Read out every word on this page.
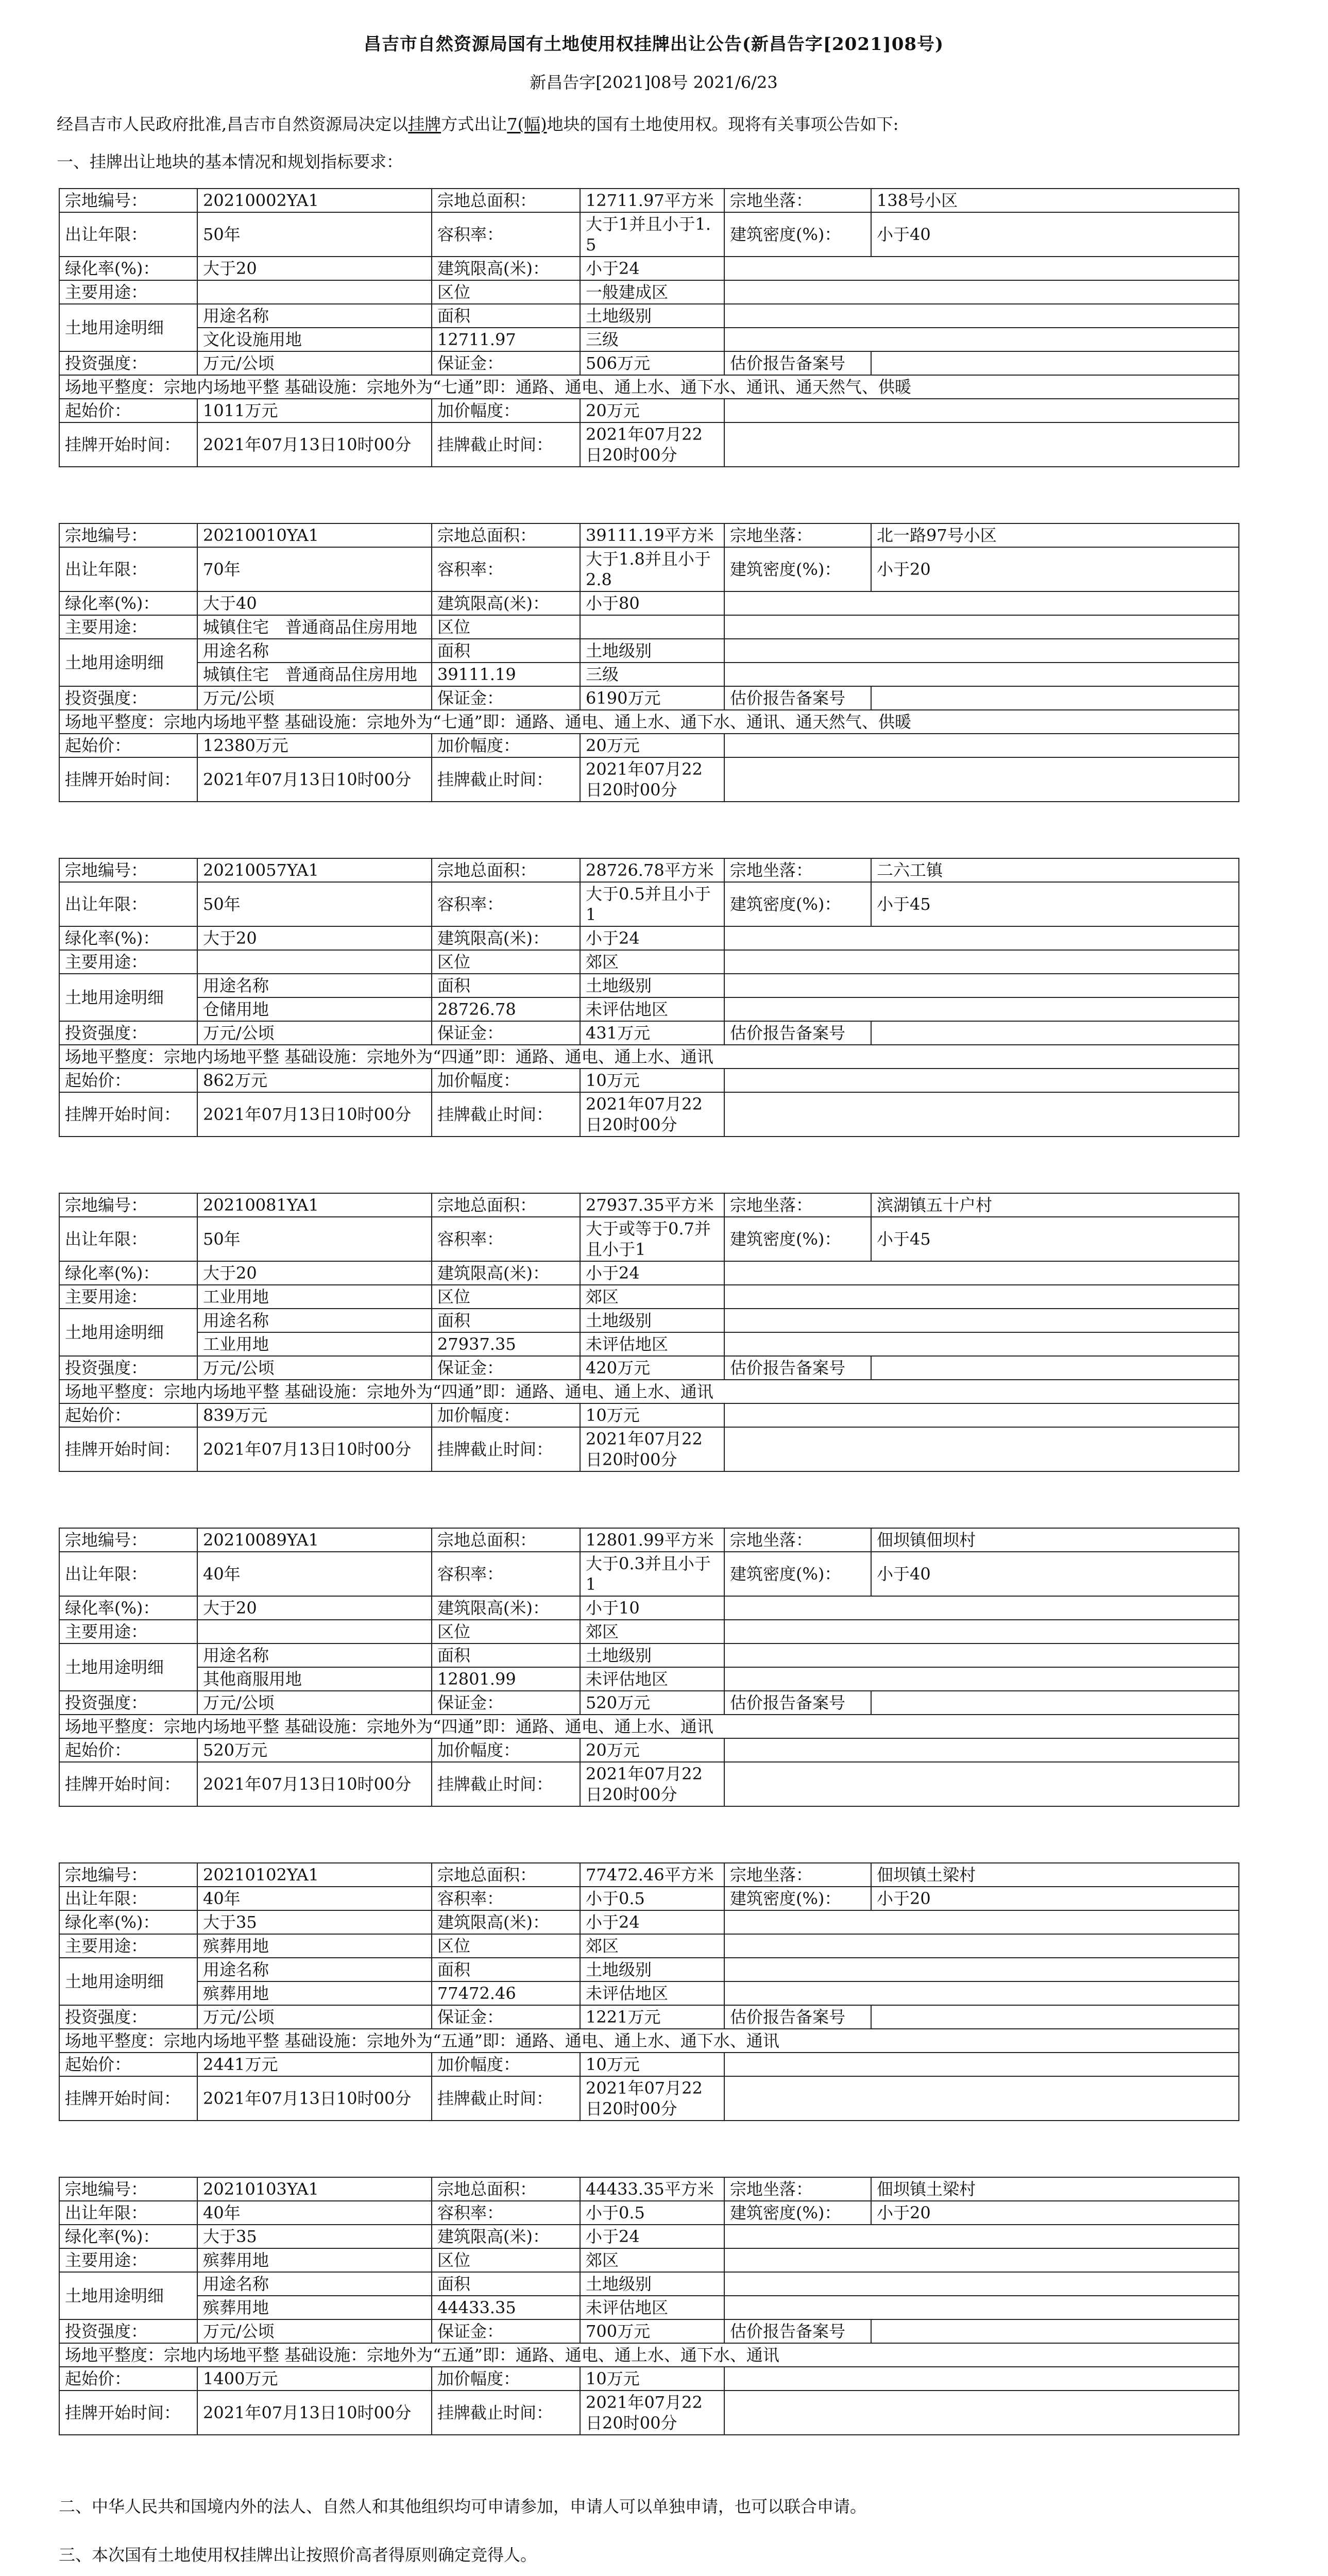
昌吉市自然资源局国有土地使用权挂牌出让公告(新昌告字[2021]08号)
新昌告字[2021]08号 2021/6/23
经昌吉市人民政府批准,昌吉市自然资源局决定以挂牌方式出让7(幅)地块的国有土地使用权。现将有关事项公告如下:
一、挂牌出让地块的基本情况和规划指标要求：
宗地编号：	20210002YA1	宗地总面积：	12711.97平方米	宗地坐落：	138号小区
出让年限：	50年	容积率：	大于1并且小于1.5	建筑密度(%)：	小于40
绿化率(%)：	大于20	建筑限高(米)：	小于24		
主要用途：		区位	一般建成区		
土地用途明细	用途名称	面积	土地级别		
	文化设施用地	12711.97	三级		
投资强度：	万元/公顷	保证金：	506万元	估价报告备案号	
场地平整度：宗地内场地平整 基础设施：宗地外为“七通”即：通路、通电、通上水、通下水、通讯、通天然气、供暖					
起始价：	1011万元	加价幅度：	20万元		
挂牌开始时间：	2021年07月13日10时00分	挂牌截止时间：	2021年07月22日20时00分		
宗地编号：	20210010YA1	宗地总面积：	39111.19平方米	宗地坐落：	北一路97号小区
出让年限：	70年	容积率：	大于1.8并且小于2.8	建筑密度(%)：	小于20
绿化率(%)：	大于40	建筑限高(米)：	小于80		
主要用途：	城镇住宅　普通商品住房用地	区位			
土地用途明细	用途名称	面积	土地级别		
	城镇住宅　普通商品住房用地	39111.19	三级		
投资强度：	万元/公顷	保证金：	6190万元	估价报告备案号	
场地平整度：宗地内场地平整 基础设施：宗地外为“七通”即：通路、通电、通上水、通下水、通讯、通天然气、供暖					
起始价：	12380万元	加价幅度：	20万元		
挂牌开始时间：	2021年07月13日10时00分	挂牌截止时间：	2021年07月22日20时00分		
宗地编号：	20210057YA1	宗地总面积：	28726.78平方米	宗地坐落：	二六工镇
出让年限：	50年	容积率：	大于0.5并且小于1	建筑密度(%)：	小于45
绿化率(%)：	大于20	建筑限高(米)：	小于24		
主要用途：		区位	郊区		
土地用途明细	用途名称	面积	土地级别		
	仓储用地	28726.78	未评估地区		
投资强度：	万元/公顷	保证金：	431万元	估价报告备案号	
场地平整度：宗地内场地平整 基础设施：宗地外为“四通”即：通路、通电、通上水、通讯					
起始价：	862万元	加价幅度：	10万元		
挂牌开始时间：	2021年07月13日10时00分	挂牌截止时间：	2021年07月22日20时00分		
宗地编号：	20210081YA1	宗地总面积：	27937.35平方米	宗地坐落：	滨湖镇五十户村
出让年限：	50年	容积率：	大于或等于0.7并且小于1	建筑密度(%)：	小于45
绿化率(%)：	大于20	建筑限高(米)：	小于24		
主要用途：	工业用地	区位	郊区		
土地用途明细	用途名称	面积	土地级别		
	工业用地	27937.35	未评估地区		
投资强度：	万元/公顷	保证金：	420万元	估价报告备案号	
场地平整度：宗地内场地平整 基础设施：宗地外为“四通”即：通路、通电、通上水、通讯					
起始价：	839万元	加价幅度：	10万元		
挂牌开始时间：	2021年07月13日10时00分	挂牌截止时间：	2021年07月22日20时00分		
宗地编号：	20210089YA1	宗地总面积：	12801.99平方米	宗地坐落：	佃坝镇佃坝村
出让年限：	40年	容积率：	大于0.3并且小于1	建筑密度(%)：	小于40
绿化率(%)：	大于20	建筑限高(米)：	小于10		
主要用途：		区位	郊区		
土地用途明细	用途名称	面积	土地级别		
	其他商服用地	12801.99	未评估地区		
投资强度：	万元/公顷	保证金：	520万元	估价报告备案号	
场地平整度：宗地内场地平整 基础设施：宗地外为“四通”即：通路、通电、通上水、通讯					
起始价：	520万元	加价幅度：	20万元		
挂牌开始时间：	2021年07月13日10时00分	挂牌截止时间：	2021年07月22日20时00分		
宗地编号：	20210102YA1	宗地总面积：	77472.46平方米	宗地坐落：	佃坝镇土梁村
出让年限：	40年	容积率：	小于0.5	建筑密度(%)：	小于20
绿化率(%)：	大于35	建筑限高(米)：	小于24		
主要用途：	殡葬用地	区位	郊区		
土地用途明细	用途名称	面积	土地级别		
	殡葬用地	77472.46	未评估地区		
投资强度：	万元/公顷	保证金：	1221万元	估价报告备案号	
场地平整度：宗地内场地平整 基础设施：宗地外为“五通”即：通路、通电、通上水、通下水、通讯					
起始价：	2441万元	加价幅度：	10万元		
挂牌开始时间：	2021年07月13日10时00分	挂牌截止时间：	2021年07月22日20时00分		
宗地编号：	20210103YA1	宗地总面积：	44433.35平方米	宗地坐落：	佃坝镇土梁村
出让年限：	40年	容积率：	小于0.5	建筑密度(%)：	小于20
绿化率(%)：	大于35	建筑限高(米)：	小于24		
主要用途：	殡葬用地	区位	郊区		
土地用途明细	用途名称	面积	土地级别		
	殡葬用地	44433.35	未评估地区		
投资强度：	万元/公顷	保证金：	700万元	估价报告备案号	
场地平整度：宗地内场地平整 基础设施：宗地外为“五通”即：通路、通电、通上水、通下水、通讯					
起始价：	1400万元	加价幅度：	10万元		
挂牌开始时间：	2021年07月13日10时00分	挂牌截止时间：	2021年07月22日20时00分		
二、中华人民共和国境内外的法人、自然人和其他组织均可申请参加，申请人可以单独申请，也可以联合申请。
三、本次国有土地使用权挂牌出让按照价高者得原则确定竞得人。
